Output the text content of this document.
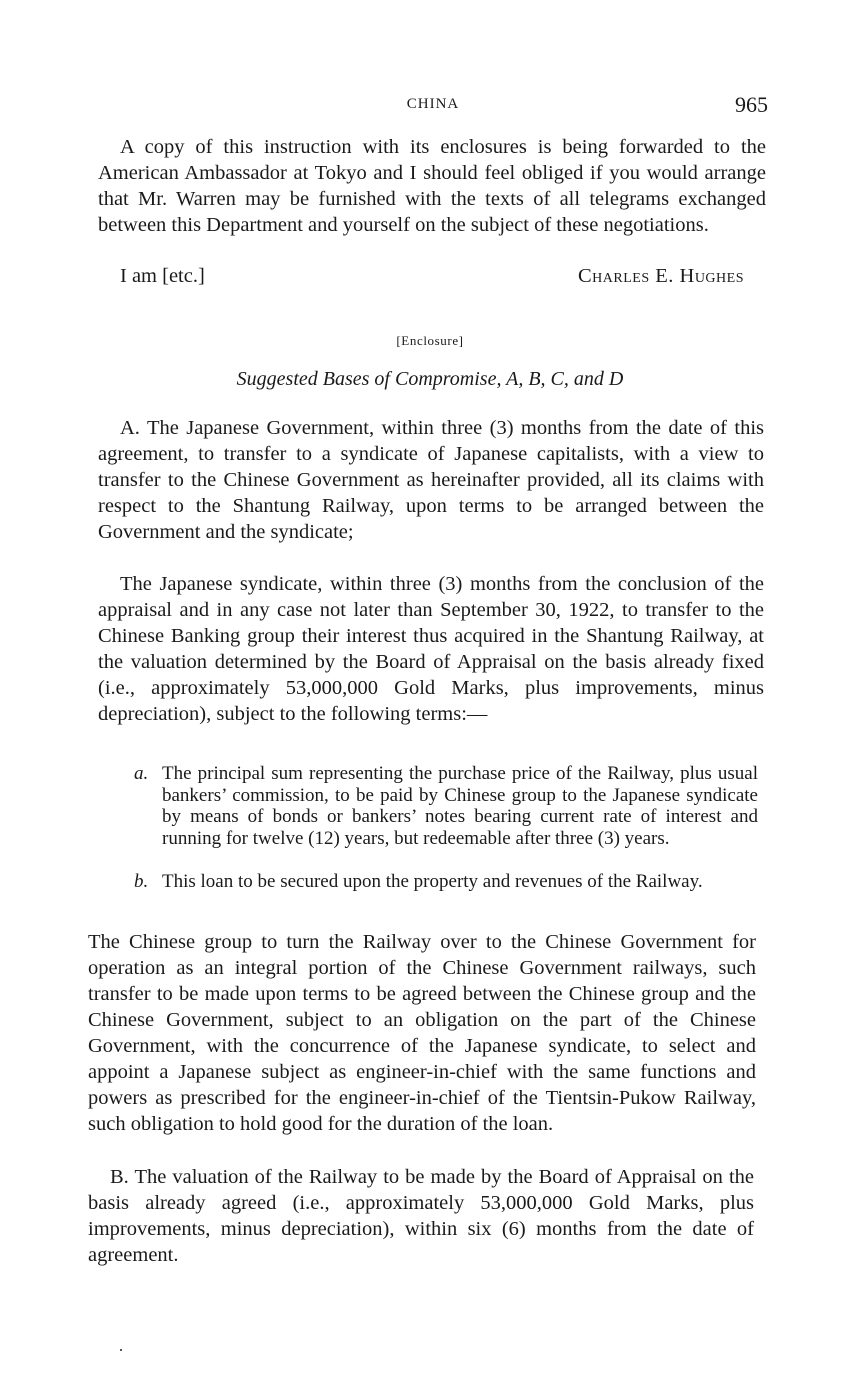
CHINA	965

A copy of this instruction with its enclosures is being forwarded to the American Ambassador at Tokyo and I should feel obliged if you would arrange that Mr. Warren may be furnished with the texts of all telegrams exchanged between this Department and yourself on the subject of these negotiations.

I am [etc.]	Charles E. Hughes
[Enclosure]
Suggested Bases of Compromise, A, B, C, and D

A. The Japanese Government, within three (3) months from the date of this agreement, to transfer to a syndicate of Japanese capitalists, with a view to transfer to the Chinese Government as hereinafter provided, all its claims with respect to the Shantung Railway, upon terms to be arranged between the Government and the syndicate;

The Japanese syndicate, within three (3) months from the conclusion of the appraisal and in any case not later than September 30, 1922, to transfer to the Chinese Banking group their interest thus acquired in the Shantung Railway, at the valuation determined by the Board of Appraisal on the basis already fixed (i.e., approximately 53,000,000 Gold Marks, plus improvements, minus depreciation), subject to the following terms:—

a. The principal sum representing the purchase price of the Railway, plus usual bankers’ commission, to be paid by Chinese group to the Japanese syndicate by means of bonds or bankers’ notes bearing current rate of interest and running for twelve (12) years, but redeemable after three (3) years.
b. This loan to be secured upon the property and revenues of the Railway.

The Chinese group to turn the Railway over to the Chinese Government for operation as an integral portion of the Chinese Government railways, such transfer to be made upon terms to be agreed between the Chinese group and the Chinese Government, subject to an obligation on the part of the Chinese Government, with the concurrence of the Japanese syndicate, to select and appoint a Japanese subject as engineer-in-chief with the same functions and powers as prescribed for the engineer-in-chief of the Tientsin-Pukow Railway, such obligation to hold good for the duration of the loan.

B. The valuation of the Railway to be made by the Board of Appraisal on the basis already agreed (i.e., approximately 53,000,000 Gold Marks, plus improvements, minus depreciation), within six (6) months from the date of agreement.
